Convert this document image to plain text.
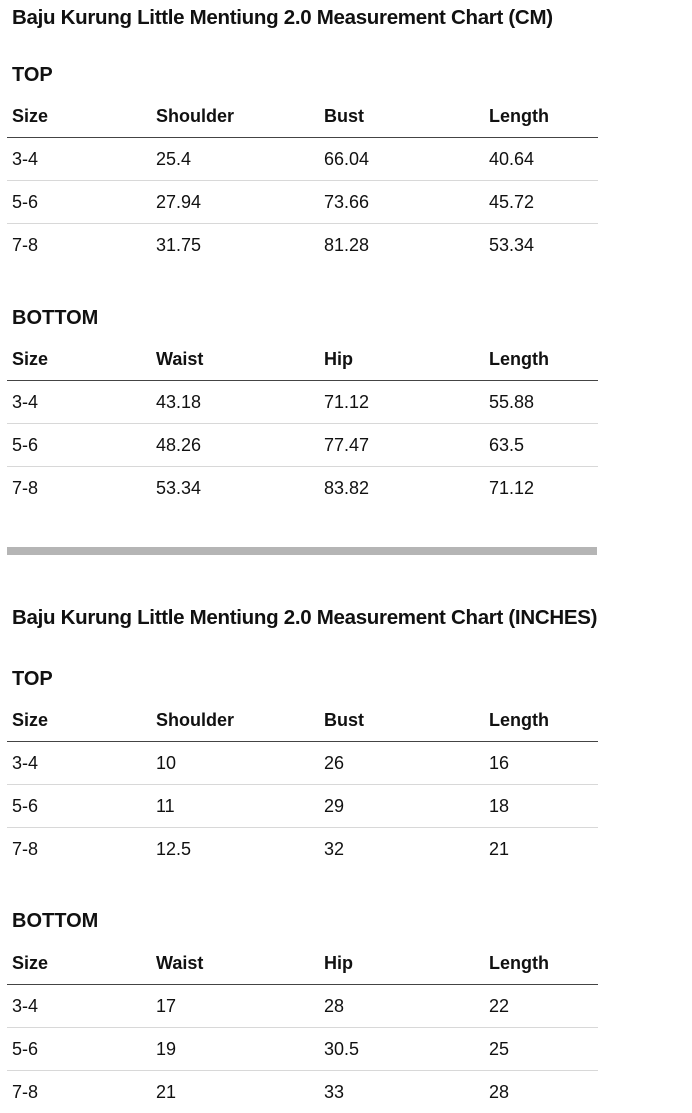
Baju Kurung Little Mentiung 2.0 Measurement Chart (CM)
TOP
Size	Shoulder	Bust	Length
3-4	25.4	66.04	40.64
5-6	27.94	73.66	45.72
7-8	31.75	81.28	53.34
BOTTOM
Size	Waist	Hip	Length
3-4	43.18	71.12	55.88
5-6	48.26	77.47	63.5
7-8	53.34	83.82	71.12
Baju Kurung Little Mentiung 2.0 Measurement Chart (INCHES)
TOP
Size	Shoulder	Bust	Length
3-4	10	26	16
5-6	11	29	18
7-8	12.5	32	21
BOTTOM
Size	Waist	Hip	Length
3-4	17	28	22
5-6	19	30.5	25
7-8	21	33	28
